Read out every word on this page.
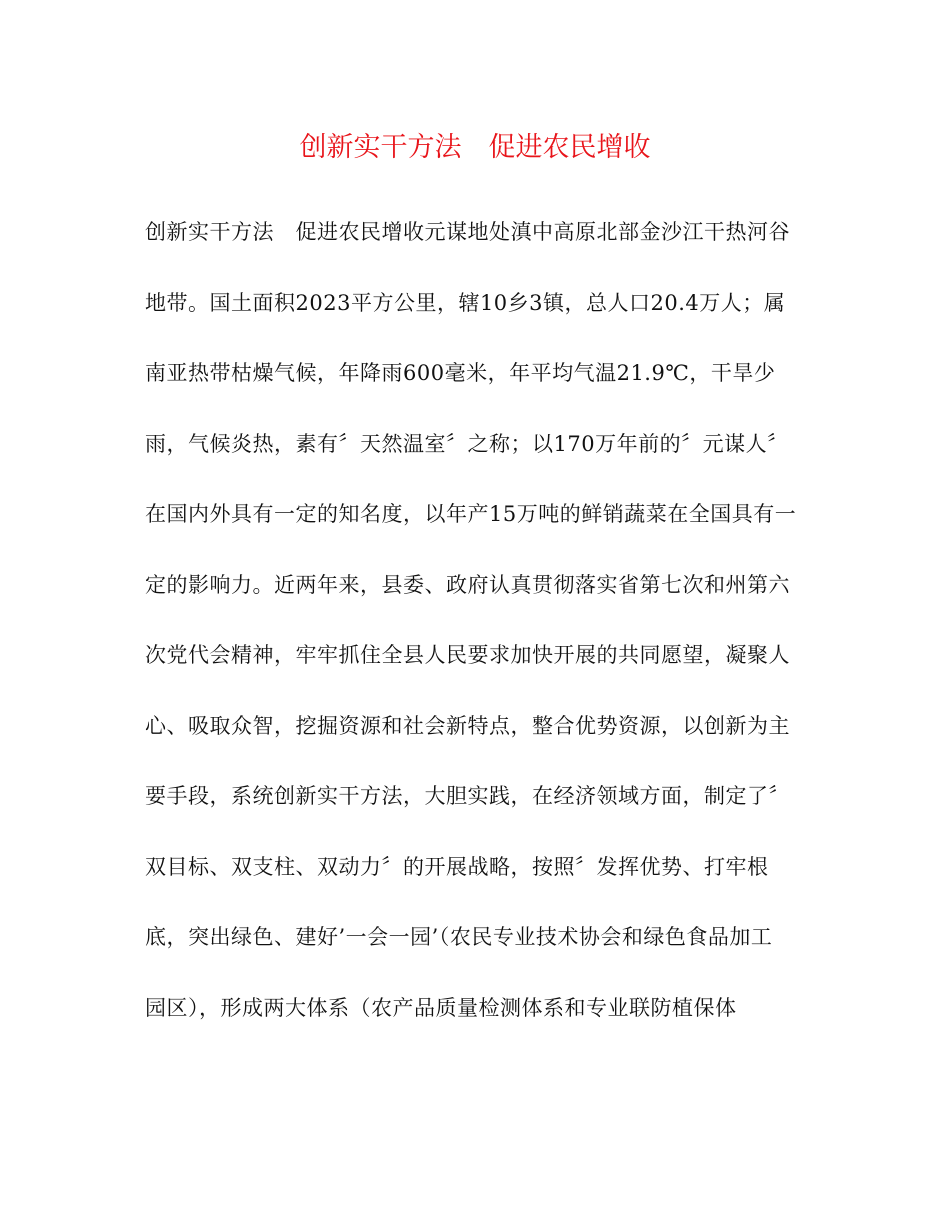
创新实干方法　促进农民增收
创新实干方法　促进农民增收元谋地处滇中高原北部金沙江干热河谷
地带。国土面积2023平方公里，辖10乡3镇，总人口20.4万人；属
南亚热带枯燥气候，年降雨600毫米，年平均气温21.9℃，干旱少
雨，气候炎热，素有〞天然温室〞之称；以170万年前的〞元谋人〞
在国内外具有一定的知名度，以年产15万吨的鲜销蔬菜在全国具有一
定的影响力。近两年来，县委、政府认真贯彻落实省第七次和州第六
次党代会精神，牢牢抓住全县人民要求加快开展的共同愿望，凝聚人
心、吸取众智，挖掘资源和社会新特点，整合优势资源，以创新为主
要手段，系统创新实干方法，大胆实践，在经济领域方面，制定了〞
双目标、双支柱、双动力〞的开展战略，按照〞发挥优势、打牢根
底，突出绿色、建好’一会一园’（农民专业技术协会和绿色食品加工
园区），形成两大体系（农产品质量检测体系和专业联防植保体
